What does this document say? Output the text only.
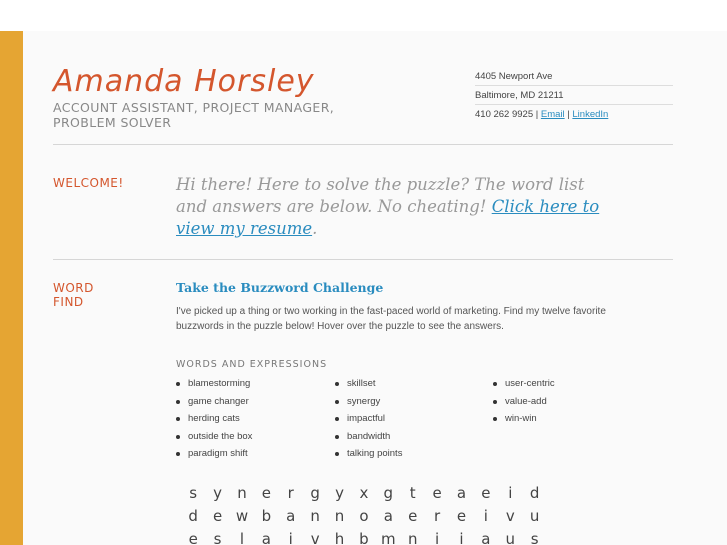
Amanda Horsley
ACCOUNT ASSISTANT, PROJECT MANAGER, PROBLEM SOLVER
4405 Newport Ave
Baltimore, MD 21211
410 262 9925 | Email | LinkedIn
WELCOME!	Hi there! Here to solve the puzzle? The word list and answers are below. No cheating! Click here to view my resume.
WORD
FIND
Take the Buzzword Challenge

I've picked up a thing or two working in the fast-paced world of marketing. Find my twelve favorite buzzwords in the puzzle below! Hover over the puzzle to see the answers.

WORDS AND EXPRESSIONS
blamestorming
game changer
herding cats
outside the box
paradigm shift
skillset
synergy
impactful
bandwidth
talking points
user-centric
value-add
win-win
s	y	n	e	r	g	y	x	g	t	e	a	e	i	d
d	e w b	a	n n	o	a	e	r	e	i	v	u
e	s	l	a	i	v	h b m n	i	i	a	u	s
